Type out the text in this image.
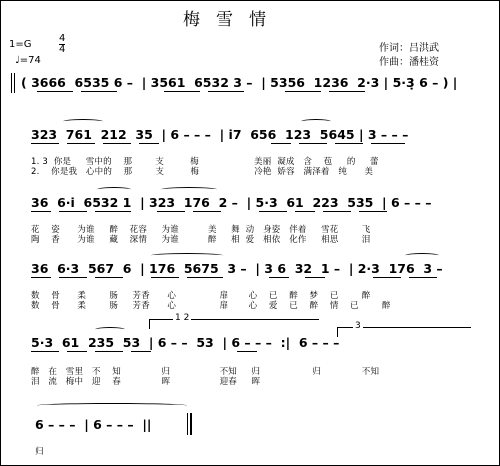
梅雪情
作词：吕洪武
作曲：潘桂资
1=G
4
4
♩=74
( 3666  6535 6 –  | 3561  6532 3 –  | 5356  1236  2·3 | 5·3̣ 6 – ) |
323  761  212  35  | 6 – – –  | i7  656  123  5645 | 3 – – –
1. 3  你是     雪中的    那        支         梅                   美丽  凝成   含    苞     的     蕾
2.    你是我   心中的    那        支         梅                   冷艳  娇容   满泽着   纯      美
36  6·i  6532 1  | 323  176  2 –  | 5·3  61  223  535  | 6 – – –
花    姿      为谁     醉    花容     为谁          美     舞  动   身姿   伴着     雪花        飞
陶    香      为谁     藏    深情     为谁          醉     相  爱   相依   化作     相思        泪
36  6·3  567  6  | 176  5675  3 –  | 3 6  32  1 –  | 2·3  176  3 –
数    骨      柔        肠     芳香      心               扉       心    已    醉    梦    已        醉
数    骨      柔        肠     芳香      心               扉       心    爱    已    醉    情    已        醉
1 2
3
5·3  61  235  53  | 6 – –  53  | 6 – – –  :|  6 – – –
醉   在   雪里   不    知              归                 不知     归                  归              不知
泪   流   梅中   迎    春              晖                 迎春     晖
6 – – –  | 6 – – –  ||
归
